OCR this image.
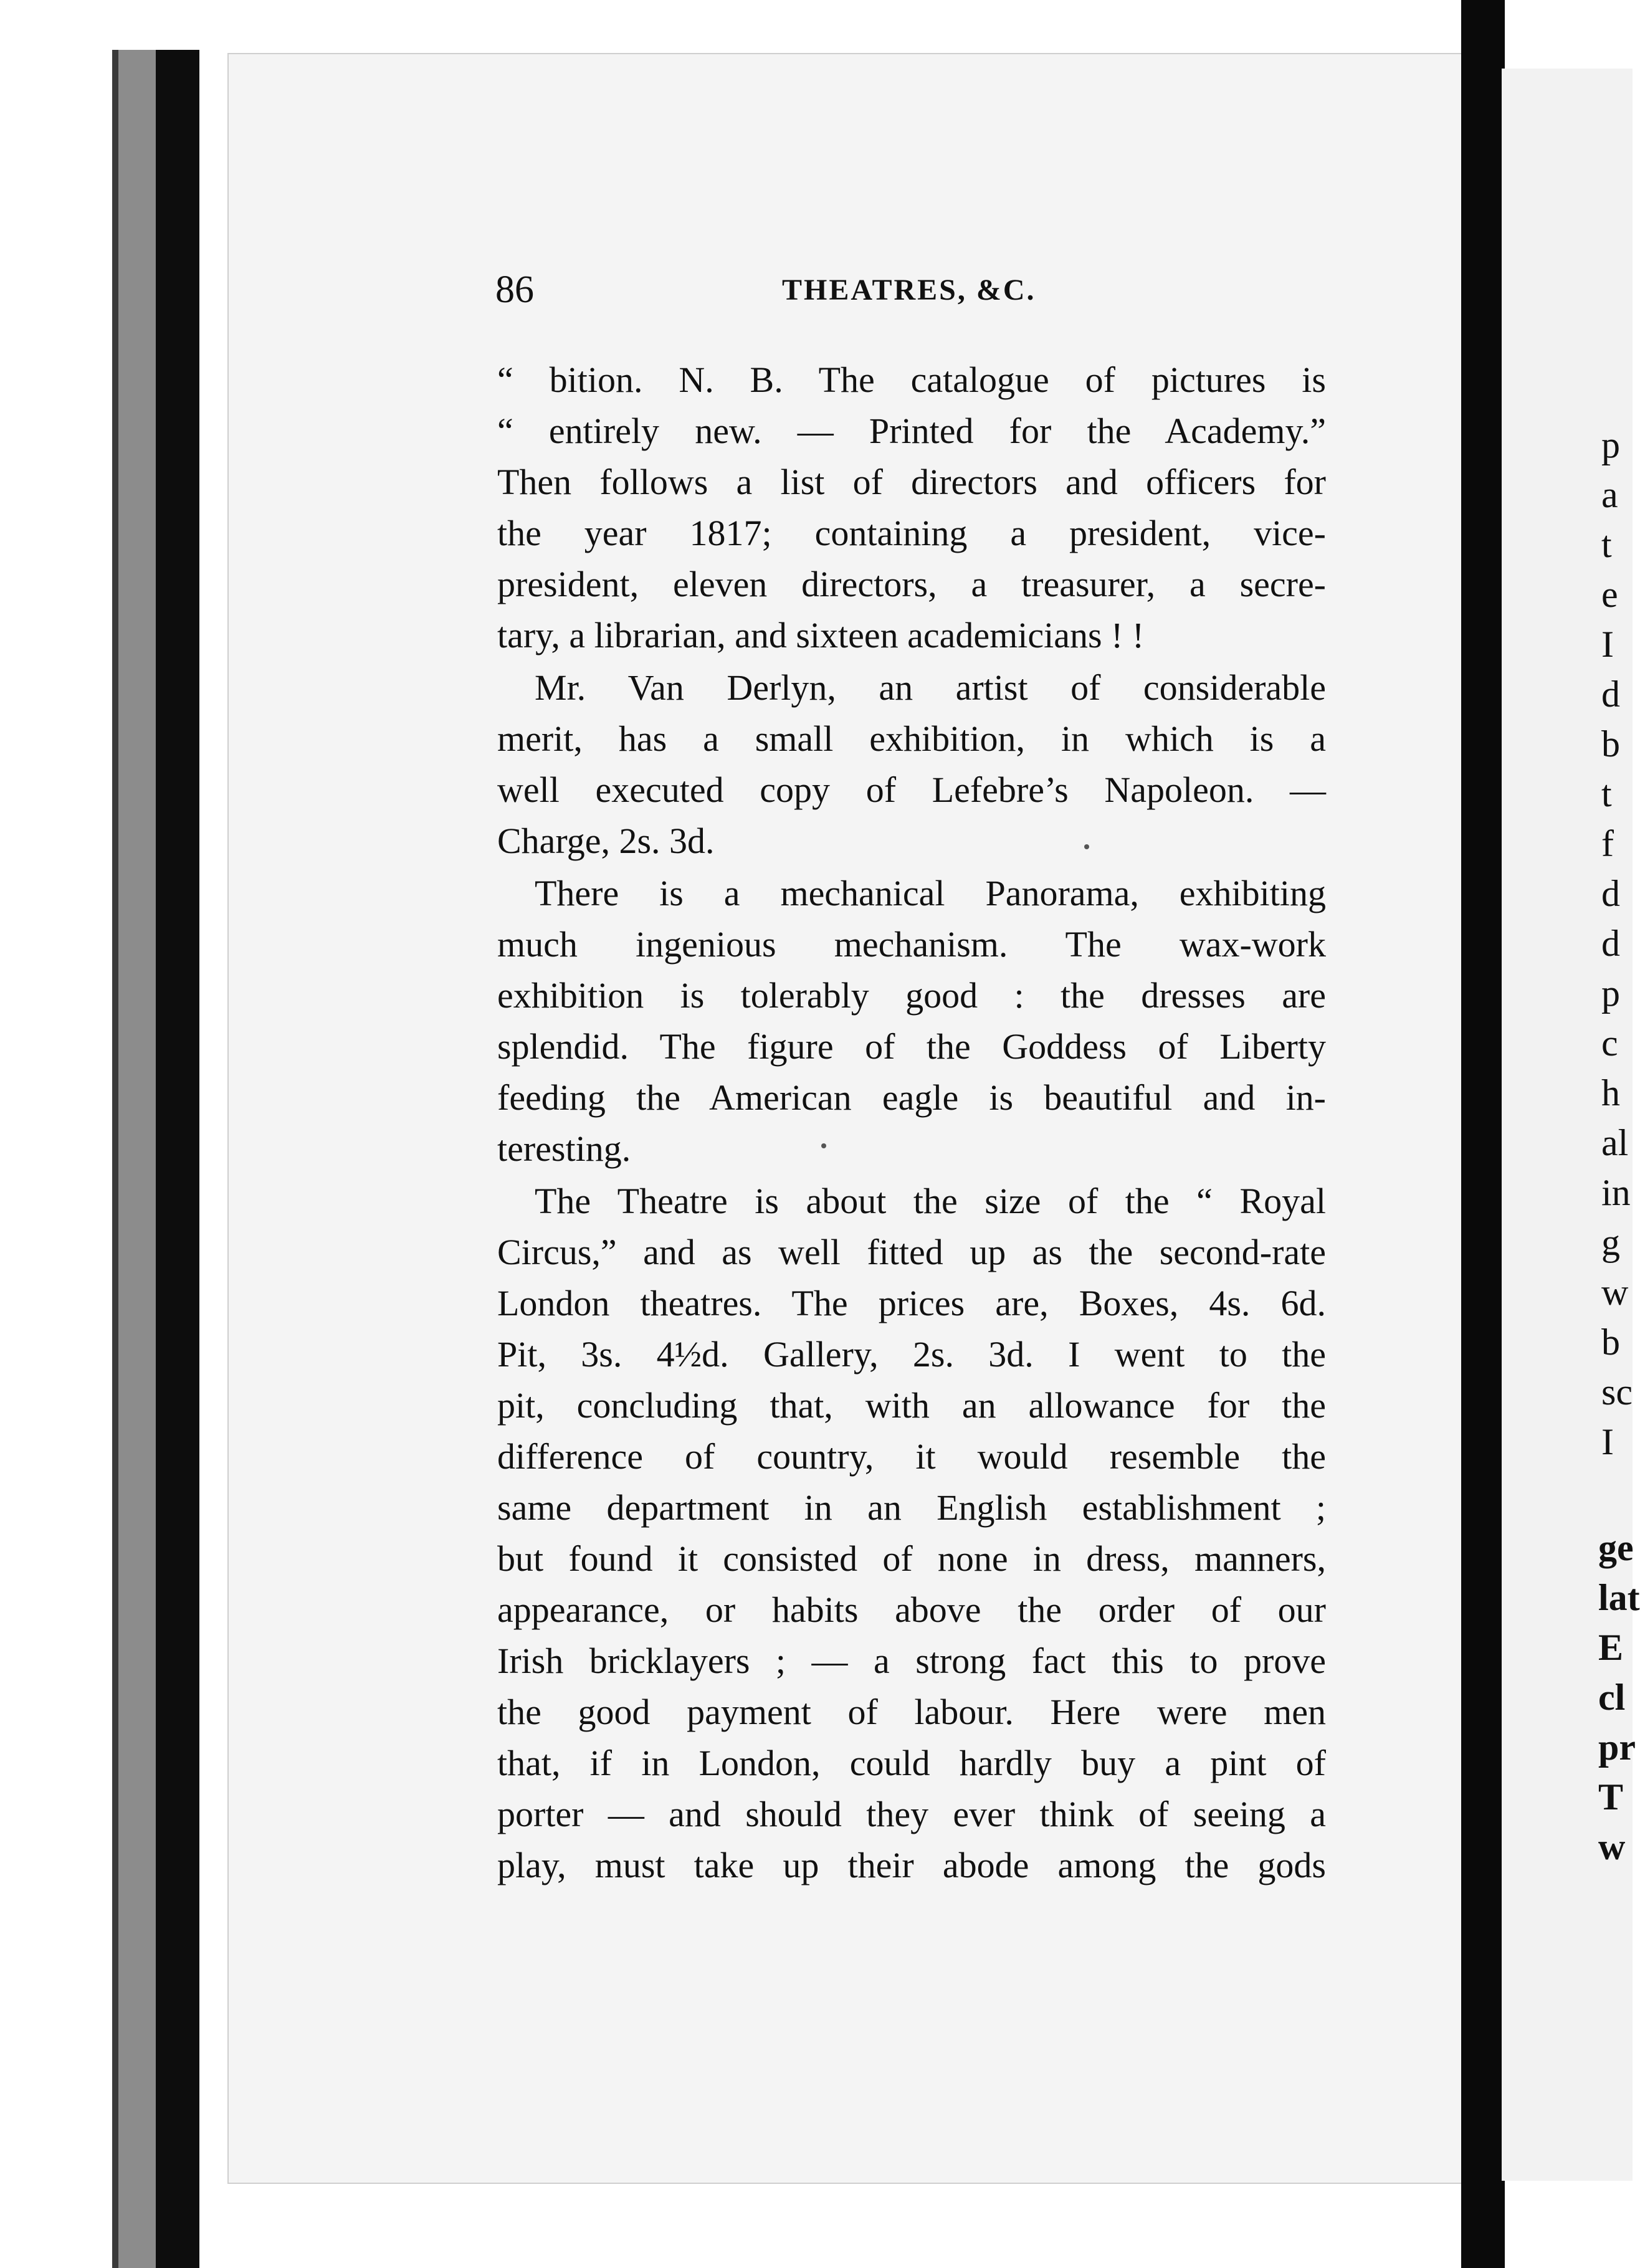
86	THEATRES, &C.
“ bition. N. B. The catalogue of pictures is
“ entirely new. — Printed for the Academy.”
Then follows a list of directors and officers for
the year 1817; containing a president, vice-
president, eleven directors, a treasurer, a secre-
tary, a librarian, and sixteen academicians ! !
Mr. Van Derlyn, an artist of considerable
merit, has a small exhibition, in which is a
well executed copy of Lefebre’s Napoleon. —
Charge, 2s. 3d.
There is a mechanical Panorama, exhibiting
much ingenious mechanism. The wax-work
exhibition is tolerably good : the dresses are
splendid. The figure of the Goddess of Liberty
feeding the American eagle is beautiful and in-
teresting.
The Theatre is about the size of the “ Royal
Circus,” and as well fitted up as the second-rate
London theatres. The prices are, Boxes, 4s. 6d.
Pit, 3s. 4½d. Gallery, 2s. 3d. I went to the
pit, concluding that, with an allowance for the
difference of country, it would resemble the
same department in an English establishment ;
but found it consisted of none in dress, manners,
appearance, or habits above the order of our
Irish bricklayers ; — a strong fact this to prove
the good payment of labour. Here were men
that, if in London, could hardly buy a pint of
porter — and should they ever think of seeing a
play, must take up their abode among the gods
p
a
t
e
I
d
b
t
f
d
d
p
c
h
al
in
g
w
b
sc
I
ge
lat
E
cl
pr
T
w
